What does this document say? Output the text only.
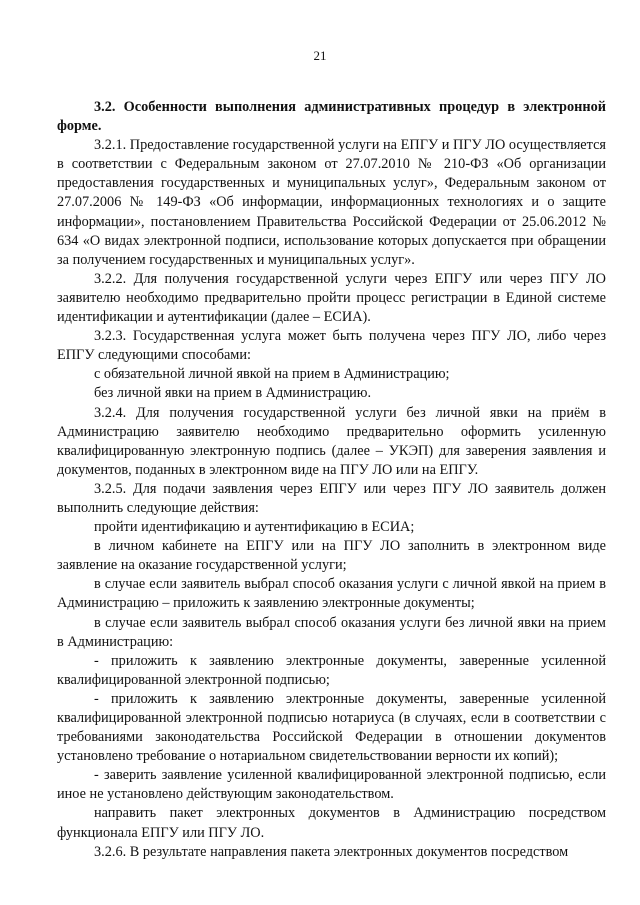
21

3.2. Особенности выполнения административных процедур в электронной форме.

3.2.1. Предоставление государственной услуги на ЕПГУ и ПГУ ЛО осуществляется в соответствии с Федеральным законом от 27.07.2010 № 210-ФЗ «Об организации предоставления государственных и муниципальных услуг», Федеральным законом от 27.07.2006 № 149-ФЗ «Об информации, информационных технологиях и о защите информации», постановлением Правительства Российской Федерации от 25.06.2012 № 634 «О видах электронной подписи, использование которых допускается при обращении за получением государственных и муниципальных услуг».

3.2.2. Для получения государственной услуги через ЕПГУ или через ПГУ ЛО заявителю необходимо предварительно пройти процесс регистрации в Единой системе идентификации и аутентификации (далее – ЕСИА).

3.2.3. Государственная услуга может быть получена через ПГУ ЛО, либо через ЕПГУ следующими способами:

с обязательной личной явкой на прием в Администрацию;

без личной явки на прием в Администрацию.

3.2.4. Для получения государственной услуги без личной явки на приём в Администрацию заявителю необходимо предварительно оформить усиленную квалифицированную электронную подпись (далее – УКЭП) для заверения заявления и документов, поданных в электронном виде на ПГУ ЛО или на ЕПГУ.

3.2.5. Для подачи заявления через ЕПГУ или через ПГУ ЛО заявитель должен выполнить следующие действия:

пройти идентификацию и аутентификацию в ЕСИА;

в личном кабинете на ЕПГУ или на ПГУ ЛО заполнить в электронном виде заявление на оказание государственной услуги;

в случае если заявитель выбрал способ оказания услуги с личной явкой на прием в Администрацию – приложить к заявлению электронные документы;

в случае если заявитель выбрал способ оказания услуги без личной явки на прием в Администрацию:

- приложить к заявлению электронные документы, заверенные усиленной квалифицированной электронной подписью;

- приложить к заявлению электронные документы, заверенные усиленной квалифицированной электронной подписью нотариуса (в случаях, если в соответствии с требованиями законодательства Российской Федерации в отношении документов установлено требование о нотариальном свидетельствовании верности их копий);

- заверить заявление усиленной квалифицированной электронной подписью, если иное не установлено действующим законодательством.

направить пакет электронных документов в Администрацию посредством функционала ЕПГУ или ПГУ ЛО.

3.2.6. В результате направления пакета электронных документов посредством
